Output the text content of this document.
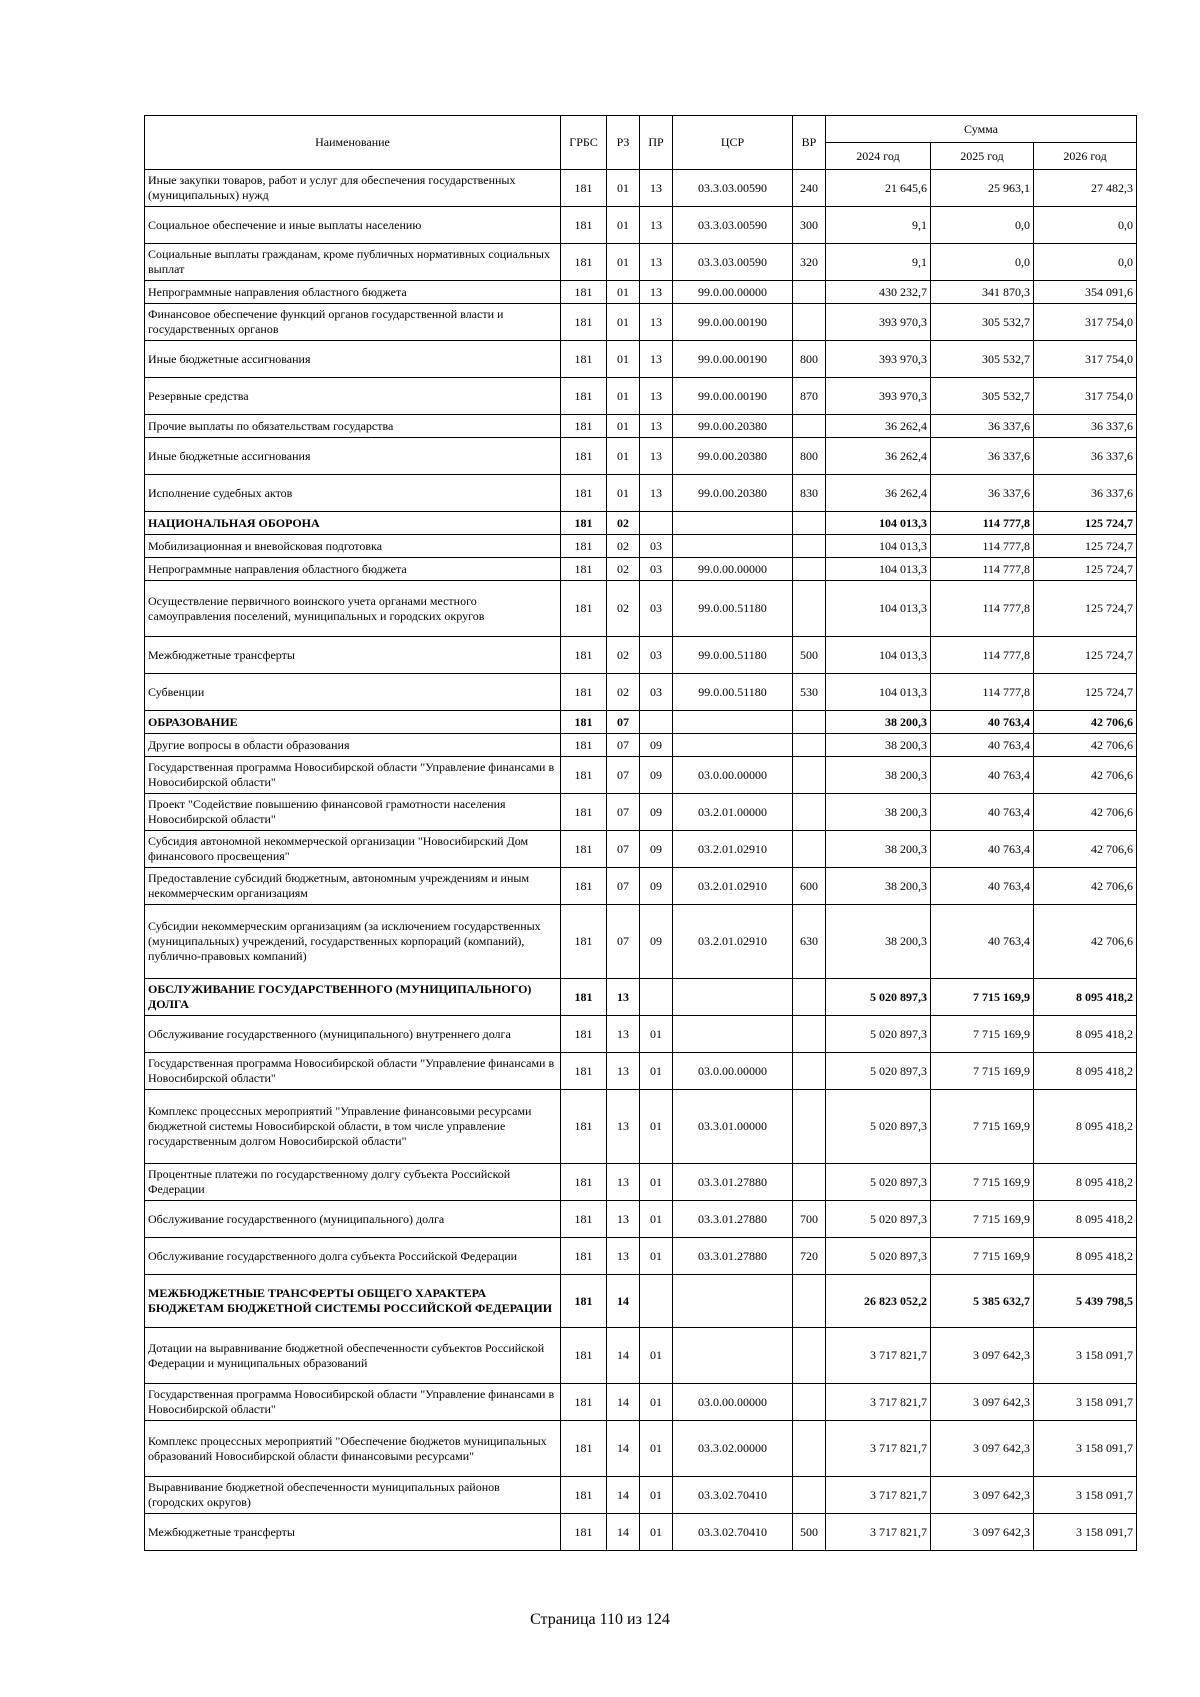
Наименование	ГРБС	РЗ	ПР	ЦСР	ВР	Сумма		
						2024 год	2025 год	2026 год
Иные закупки товаров, работ и услуг для обеспечения государственных (муниципальных) нужд	181	01	13	03.3.03.00590	240	21 645,6	25 963,1	27 482,3
Социальное обеспечение и иные выплаты населению	181	01	13	03.3.03.00590	300	9,1	0,0	0,0
Социальные выплаты гражданам, кроме публичных нормативных социальных выплат	181	01	13	03.3.03.00590	320	9,1	0,0	0,0
Непрограммные направления областного бюджета	181	01	13	99.0.00.00000		430 232,7	341 870,3	354 091,6
Финансовое обеспечение функций органов государственной власти и государственных органов	181	01	13	99.0.00.00190		393 970,3	305 532,7	317 754,0
Иные бюджетные ассигнования	181	01	13	99.0.00.00190	800	393 970,3	305 532,7	317 754,0
Резервные средства	181	01	13	99.0.00.00190	870	393 970,3	305 532,7	317 754,0
Прочие выплаты по обязательствам государства	181	01	13	99.0.00.20380		36 262,4	36 337,6	36 337,6
Иные бюджетные ассигнования	181	01	13	99.0.00.20380	800	36 262,4	36 337,6	36 337,6
Исполнение судебных актов	181	01	13	99.0.00.20380	830	36 262,4	36 337,6	36 337,6
НАЦИОНАЛЬНАЯ ОБОРОНА	181	02				104 013,3	114 777,8	125 724,7
Мобилизационная и вневойсковая подготовка	181	02	03			104 013,3	114 777,8	125 724,7
Непрограммные направления областного бюджета	181	02	03	99.0.00.00000		104 013,3	114 777,8	125 724,7
Осуществление первичного воинского учета органами местного самоуправления поселений, муниципальных и городских округов	181	02	03	99.0.00.51180		104 013,3	114 777,8	125 724,7
Межбюджетные трансферты	181	02	03	99.0.00.51180	500	104 013,3	114 777,8	125 724,7
Субвенции	181	02	03	99.0.00.51180	530	104 013,3	114 777,8	125 724,7
ОБРАЗОВАНИЕ	181	07				38 200,3	40 763,4	42 706,6
Другие вопросы в области образования	181	07	09			38 200,3	40 763,4	42 706,6
Государственная программа Новосибирской области "Управление финансами в Новосибирской области"	181	07	09	03.0.00.00000		38 200,3	40 763,4	42 706,6
Проект "Содействие повышению финансовой грамотности населения Новосибирской области"	181	07	09	03.2.01.00000		38 200,3	40 763,4	42 706,6
Субсидия автономной некоммерческой организации "Новосибирский Дом финансового просвещения"	181	07	09	03.2.01.02910		38 200,3	40 763,4	42 706,6
Предоставление субсидий бюджетным, автономным учреждениям и иным некоммерческим организациям	181	07	09	03.2.01.02910	600	38 200,3	40 763,4	42 706,6
Субсидии некоммерческим организациям (за исключением государственных (муниципальных) учреждений, государственных корпораций (компаний), публично-правовых компаний)	181	07	09	03.2.01.02910	630	38 200,3	40 763,4	42 706,6
ОБСЛУЖИВАНИЕ ГОСУДАРСТВЕННОГО (МУНИЦИПАЛЬНОГО) ДОЛГА	181	13				5 020 897,3	7 715 169,9	8 095 418,2
Обслуживание государственного (муниципального) внутреннего долга	181	13	01			5 020 897,3	7 715 169,9	8 095 418,2
Государственная программа Новосибирской области "Управление финансами в Новосибирской области"	181	13	01	03.0.00.00000		5 020 897,3	7 715 169,9	8 095 418,2
Комплекс процессных мероприятий "Управление финансовыми ресурсами бюджетной системы Новосибирской области, в том числе управление государственным долгом Новосибирской области"	181	13	01	03.3.01.00000		5 020 897,3	7 715 169,9	8 095 418,2
Процентные платежи по государственному долгу субъекта Российской Федерации	181	13	01	03.3.01.27880		5 020 897,3	7 715 169,9	8 095 418,2
Обслуживание государственного (муниципального) долга	181	13	01	03.3.01.27880	700	5 020 897,3	7 715 169,9	8 095 418,2
Обслуживание государственного долга субъекта Российской Федерации	181	13	01	03.3.01.27880	720	5 020 897,3	7 715 169,9	8 095 418,2
МЕЖБЮДЖЕТНЫЕ ТРАНСФЕРТЫ ОБЩЕГО ХАРАКТЕРА БЮДЖЕТАМ БЮДЖЕТНОЙ СИСТЕМЫ РОССИЙСКОЙ ФЕДЕРАЦИИ	181	14				26 823 052,2	5 385 632,7	5 439 798,5
Дотации на выравнивание бюджетной обеспеченности субъектов Российской Федерации и муниципальных образований	181	14	01			3 717 821,7	3 097 642,3	3 158 091,7
Государственная программа Новосибирской области "Управление финансами в Новосибирской области"	181	14	01	03.0.00.00000		3 717 821,7	3 097 642,3	3 158 091,7
Комплекс процессных мероприятий "Обеспечение бюджетов муниципальных образований Новосибирской области финансовыми ресурсами"	181	14	01	03.3.02.00000		3 717 821,7	3 097 642,3	3 158 091,7
Выравнивание бюджетной обеспеченности муниципальных районов (городских округов)	181	14	01	03.3.02.70410		3 717 821,7	3 097 642,3	3 158 091,7
Межбюджетные трансферты	181	14	01	03.3.02.70410	500	3 717 821,7	3 097 642,3	3 158 091,7
Страница 110 из 124
